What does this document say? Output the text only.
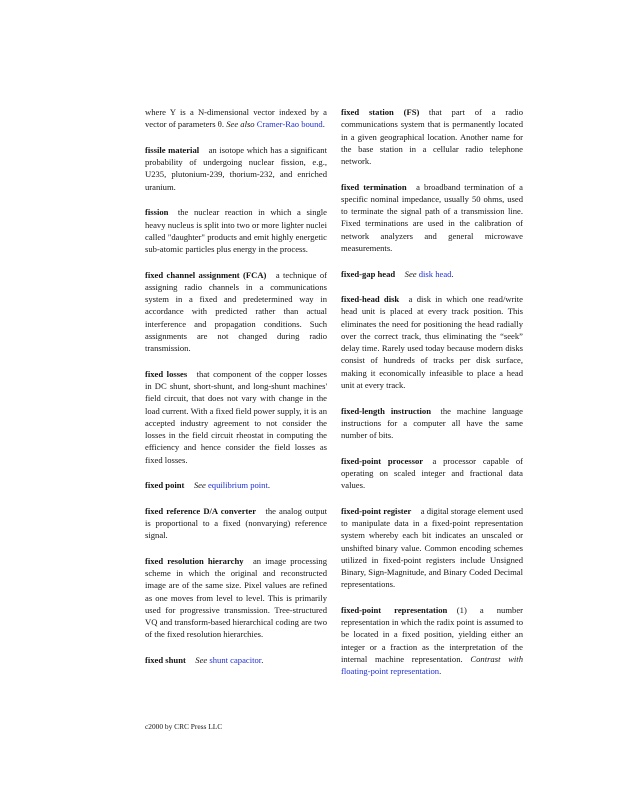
where Y is a N-dimensional vector indexed by a vector of parameters θ. See also Cramer-Rao bound.

fissile material an isotope which has a significant probability of undergoing nuclear fission, e.g., U235, plutonium-239, thorium-232, and enriched uranium.

fission the nuclear reaction in which a single heavy nucleus is split into two or more lighter nuclei called "daughter" products and emit highly energetic sub-atomic particles plus energy in the process.

fixed channel assignment (FCA) a technique of assigning radio channels in a communications system in a fixed and predetermined way in accordance with predicted rather than actual interference and propagation conditions. Such assignments are not changed during radio transmission.

fixed losses that component of the copper losses in DC shunt, short-shunt, and long-shunt machines' field circuit, that does not vary with change in the load current. With a fixed field power supply, it is an accepted industry agreement to not consider the losses in the field circuit rheostat in computing the efficiency and hence consider the field losses as fixed losses.

fixed point See equilibrium point.

fixed reference D/A converter the analog output is proportional to a fixed (nonvarying) reference signal.

fixed resolution hierarchy an image processing scheme in which the original and reconstructed image are of the same size. Pixel values are refined as one moves from level to level. This is primarily used for progressive transmission. Tree-structured VQ and transform-based hierarchical coding are two of the fixed resolution hierarchies.

fixed shunt See shunt capacitor.

fixed station (FS) that part of a radio communications system that is permanently located in a given geographical location. Another name for the base station in a cellular radio telephone network.

fixed termination a broadband termination of a specific nominal impedance, usually 50 ohms, used to terminate the signal path of a transmission line. Fixed terminations are used in the calibration of network analyzers and general microwave measurements.

fixed-gap head See disk head.

fixed-head disk a disk in which one read/write head unit is placed at every track position. This eliminates the need for positioning the head radially over the correct track, thus eliminating the “seek” delay time. Rarely used today because modern disks consist of hundreds of tracks per disk surface, making it economically infeasible to place a head unit at every track.

fixed-length instruction the machine language instructions for a computer all have the same number of bits.

fixed-point processor a processor capable of operating on scaled integer and fractional data values.

fixed-point register a digital storage element used to manipulate data in a fixed-point representation system whereby each bit indicates an unscaled or unshifted binary value. Common encoding schemes utilized in fixed-point registers include Unsigned Binary, Sign-Magnitude, and Binary Coded Decimal representations.

fixed-point representation (1) a number representation in which the radix point is assumed to be located in a fixed position, yielding either an integer or a fraction as the interpretation of the internal machine representation. Contrast with floating-point representation.

c2000 by CRC Press LLC
